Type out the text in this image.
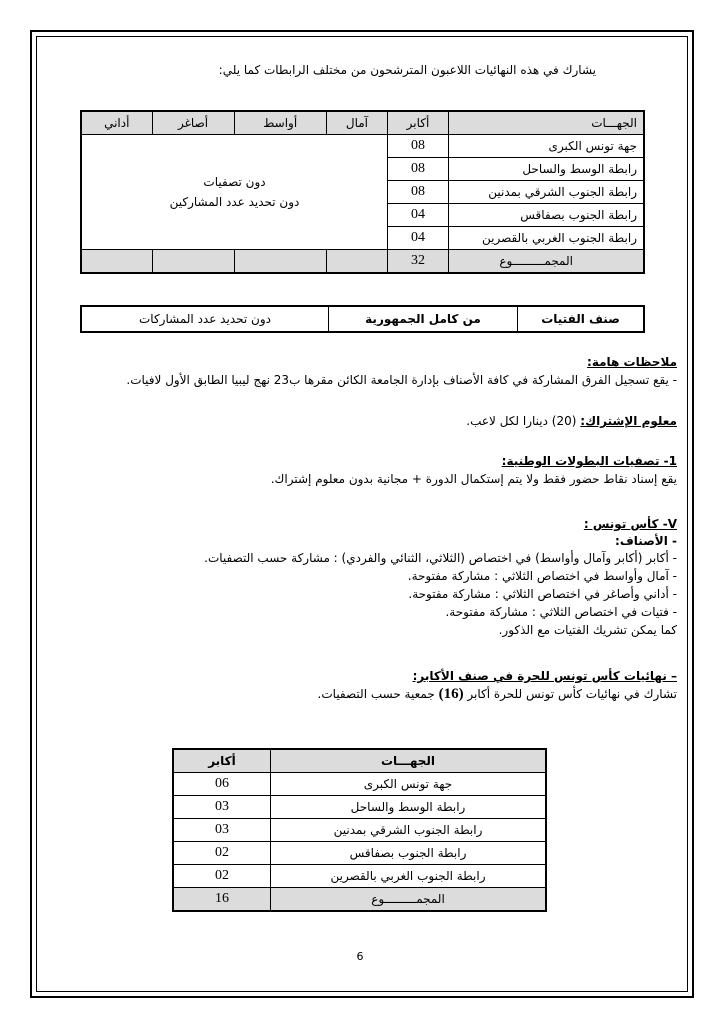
يشارك في هذه النهائيات اللاعبون المترشحون من مختلف الرابطات كما يلي:
الجهـــات	أكابر	آمال	أواسط	أصاغر	أداني
جهة تونس الكبرى	08	دون تصفيات
دون تحديد عدد المشاركين			

رابطة الوسط والساحل	08				
رابطة الجنوب الشرقي بمدنين	08				
رابطة الجنوب بصفاقس	04				
رابطة الجنوب الغربي بالقصرين	04				
المجمـــــــــوع	32				
صنف الفتيات	من كامل الجمهورية	دون تحديد عدد المشاركات
ملاحظات هامة:
- يقع تسجيل الفرق المشاركة في كافة الأصناف بإدارة الجامعة الكائن مقرها ب23 نهج ليبيا الطابق الأول لافيات.
معلوم الإشتراك: (20) دينارا لكل لاعب.
1- تصفيات البطولات الوطنية:
يقع إسناد نقاط حضور فقط ولا يتم إستكمال الدورة + مجانية بدون معلوم إشتراك.
V- كأس تونس :
- الأصناف:
- أكابر (أكابر وآمال وأواسط) في اختصاص (الثلاثي، الثنائي والفردي) : مشاركة حسب التصفيات.
- آمال وأواسط في اختصاص الثلاثي : مشاركة مفتوحة.
- أداني وأصاغر في اختصاص الثلاثي : مشاركة مفتوحة.
- فتيات في اختصاص الثلاثي : مشاركة مفتوحة.
كما يمكن تشريك الفتيات مع الذكور.
– نهائيات كأس تونس للحرة في صنف الأكابر:
تشارك في نهائيات كأس تونس للحرة أكابر (16) جمعية حسب التصفيات.
الجهـــات	أكابر
جهة تونس الكبرى	06
رابطة الوسط والساحل	03
رابطة الجنوب الشرقي بمدنين	03
رابطة الجنوب بصفاقس	02
رابطة الجنوب الغربي بالقصرين	02
المجمـــــــــوع	16
6
